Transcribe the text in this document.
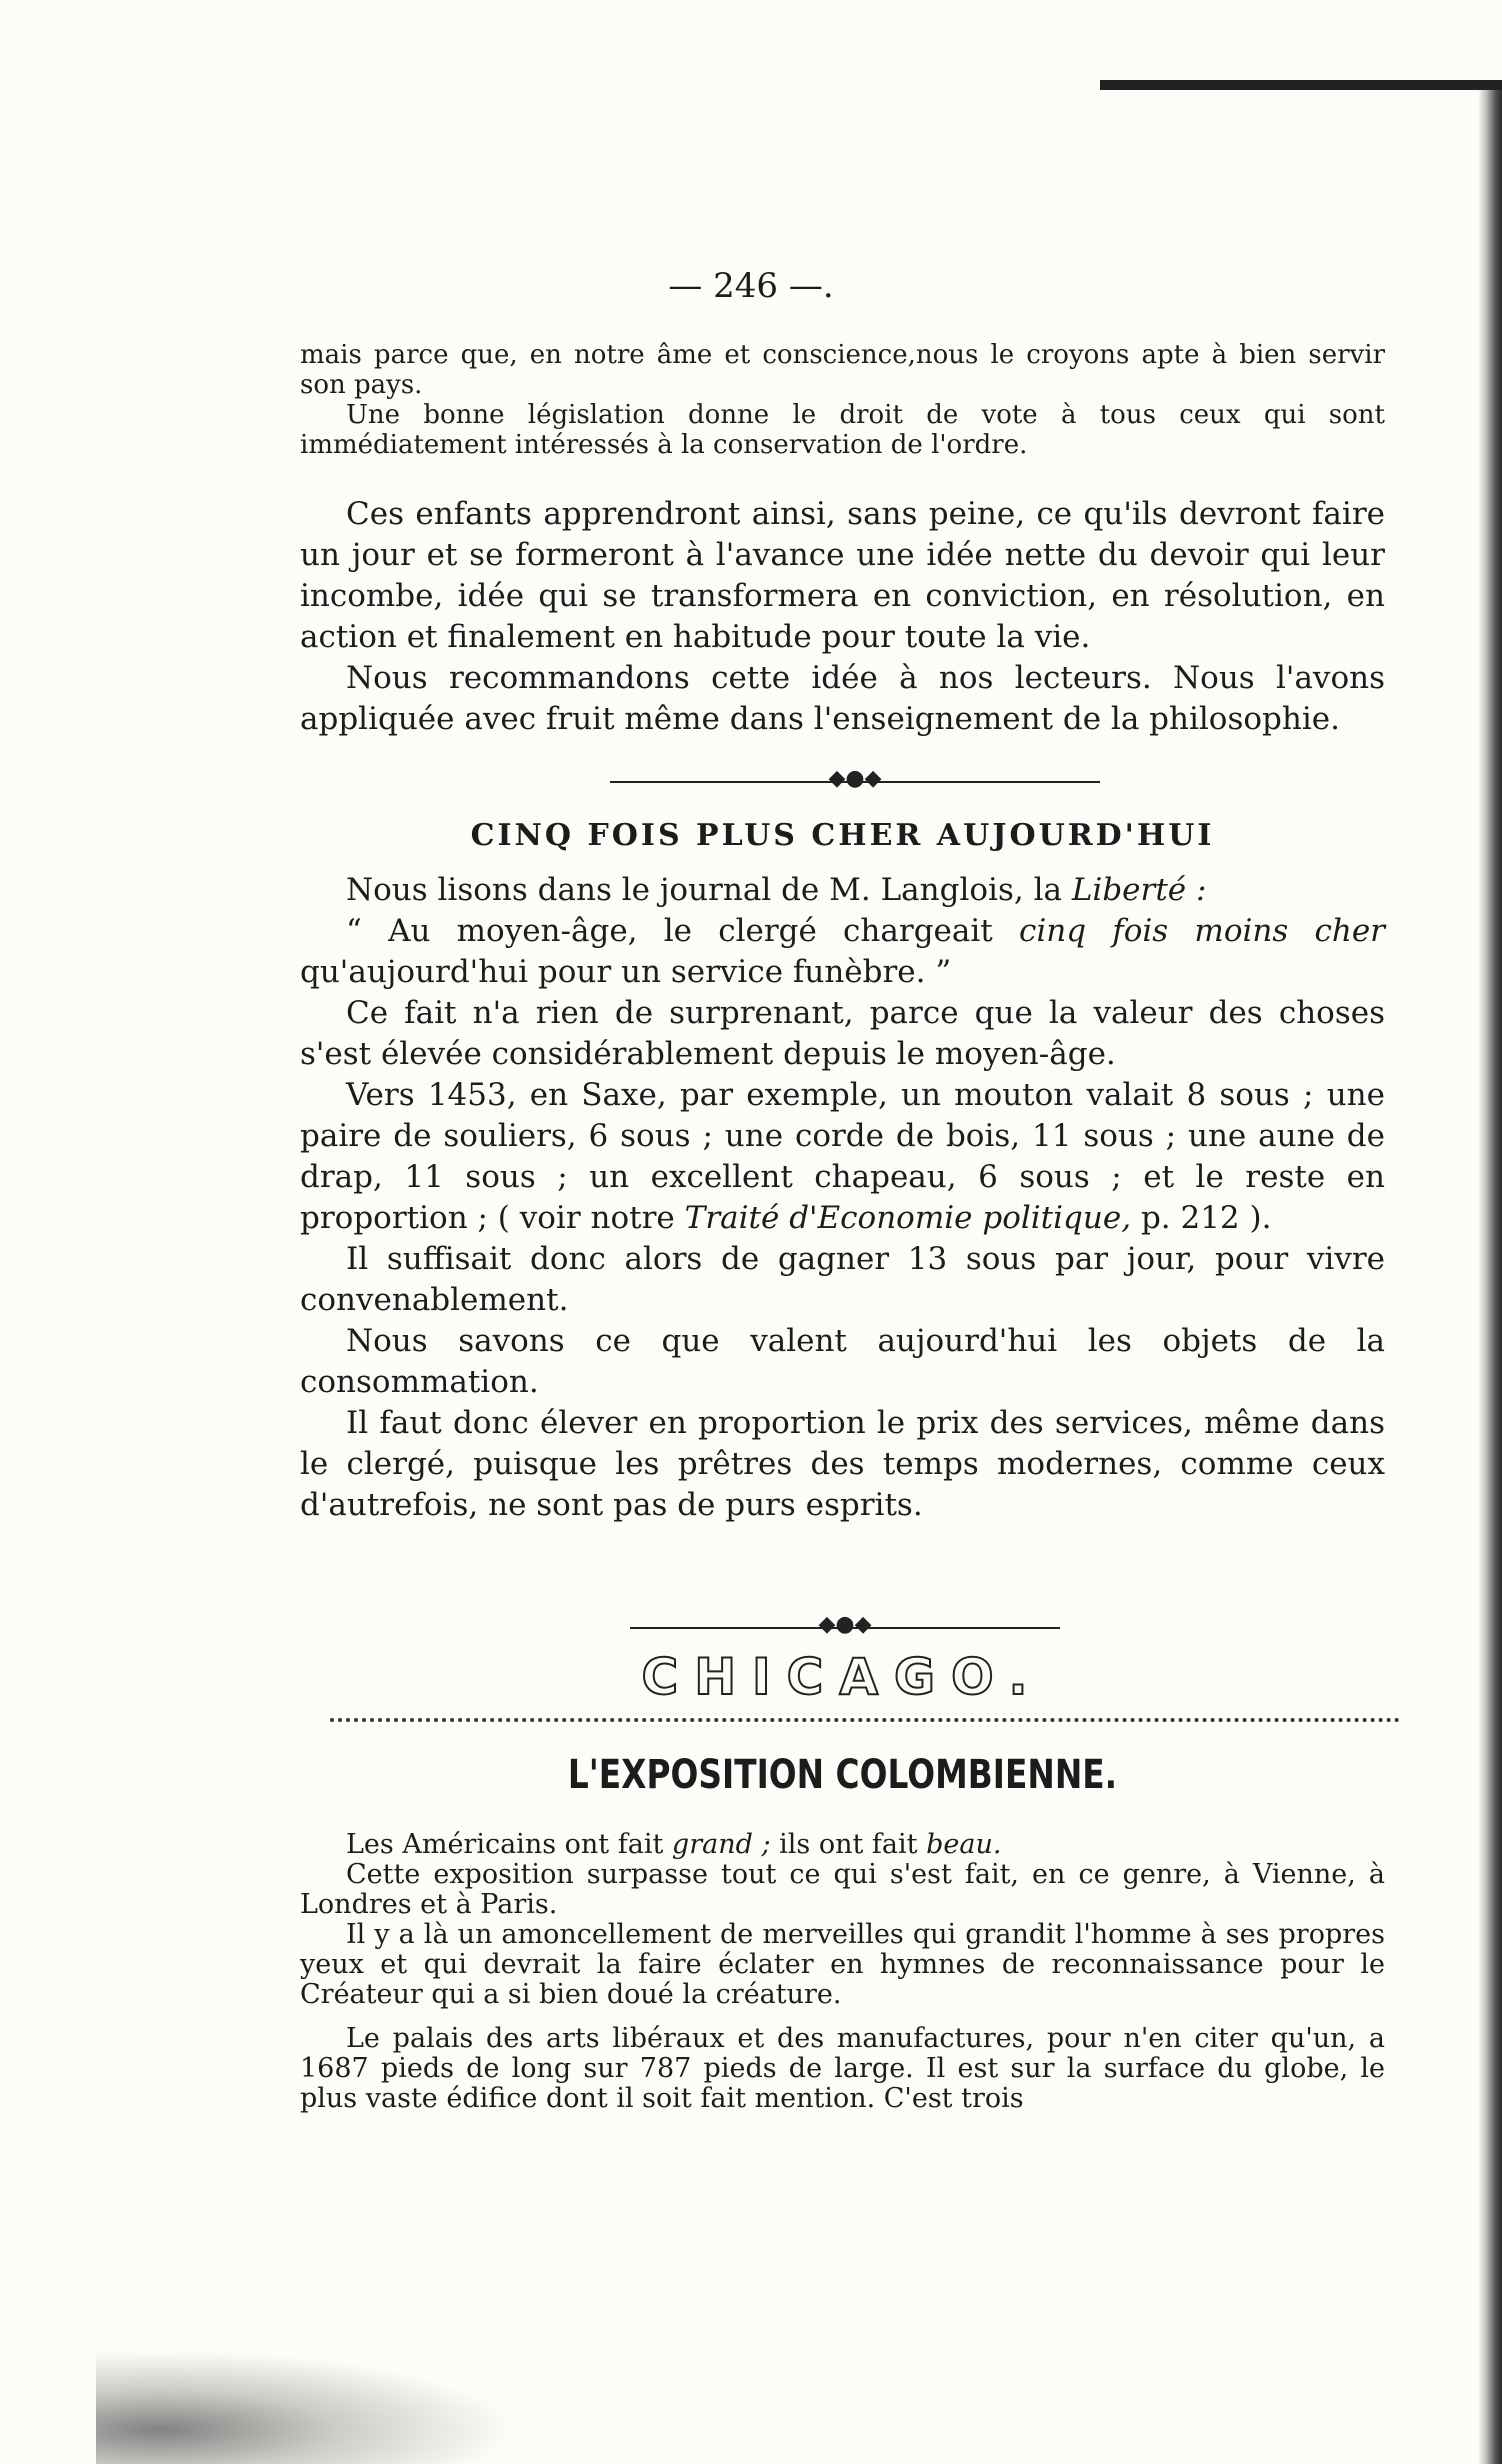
— 246 —.

mais parce que, en notre âme et conscience,nous le croyons apte à bien servir son pays.

Une bonne législation donne le droit de vote à tous ceux qui sont immédiatement intéressés à la conservation de l'ordre.

Ces enfants apprendront ainsi, sans peine, ce qu'ils devront faire un jour et se formeront à l'avance une idée nette du devoir qui leur incombe, idée qui se transformera en conviction, en résolution, en action et finalement en habitude pour toute la vie.

Nous recommandons cette idée à nos lecteurs. Nous l'avons appliquée avec fruit même dans l'enseignement de la philosophie.

◆●◆
CINQ FOIS PLUS CHER AUJOURD'HUI

Nous lisons dans le journal de M. Langlois, la Liberté :

“ Au moyen-âge, le clergé chargeait cinq fois moins cher qu'aujourd'hui pour un service funèbre. ”

Ce fait n'a rien de surprenant, parce que la valeur des choses s'est élevée considérablement depuis le moyen-âge.

Vers 1453, en Saxe, par exemple, un mouton valait 8 sous ; une paire de souliers, 6 sous ; une corde de bois, 11 sous ; une aune de drap, 11 sous ; un excellent chapeau, 6 sous ; et le reste en proportion ; ( voir notre Traité d'Economie politique, p. 212 ).

Il suffisait donc alors de gagner 13 sous par jour, pour vivre convenablement.

Nous savons ce que valent aujourd'hui les objets de la consommation.

Il faut donc élever en proportion le prix des services, même dans le clergé, puisque les prêtres des temps modernes, comme ceux d'autrefois, ne sont pas de purs esprits.

◆●◆
CHICAGO.
L'EXPOSITION COLOMBIENNE.

Les Américains ont fait grand ; ils ont fait beau.

Cette exposition surpasse tout ce qui s'est fait, en ce genre, à Vienne, à Londres et à Paris.

Il y a là un amoncellement de merveilles qui grandit l'homme à ses propres yeux et qui devrait la faire éclater en hymnes de reconnaissance pour le Créateur qui a si bien doué la créature.

Le palais des arts libéraux et des manufactures, pour n'en citer qu'un, a 1687 pieds de long sur 787 pieds de large. Il est sur la surface du globe, le plus vaste édifice dont il soit fait mention. C'est trois
